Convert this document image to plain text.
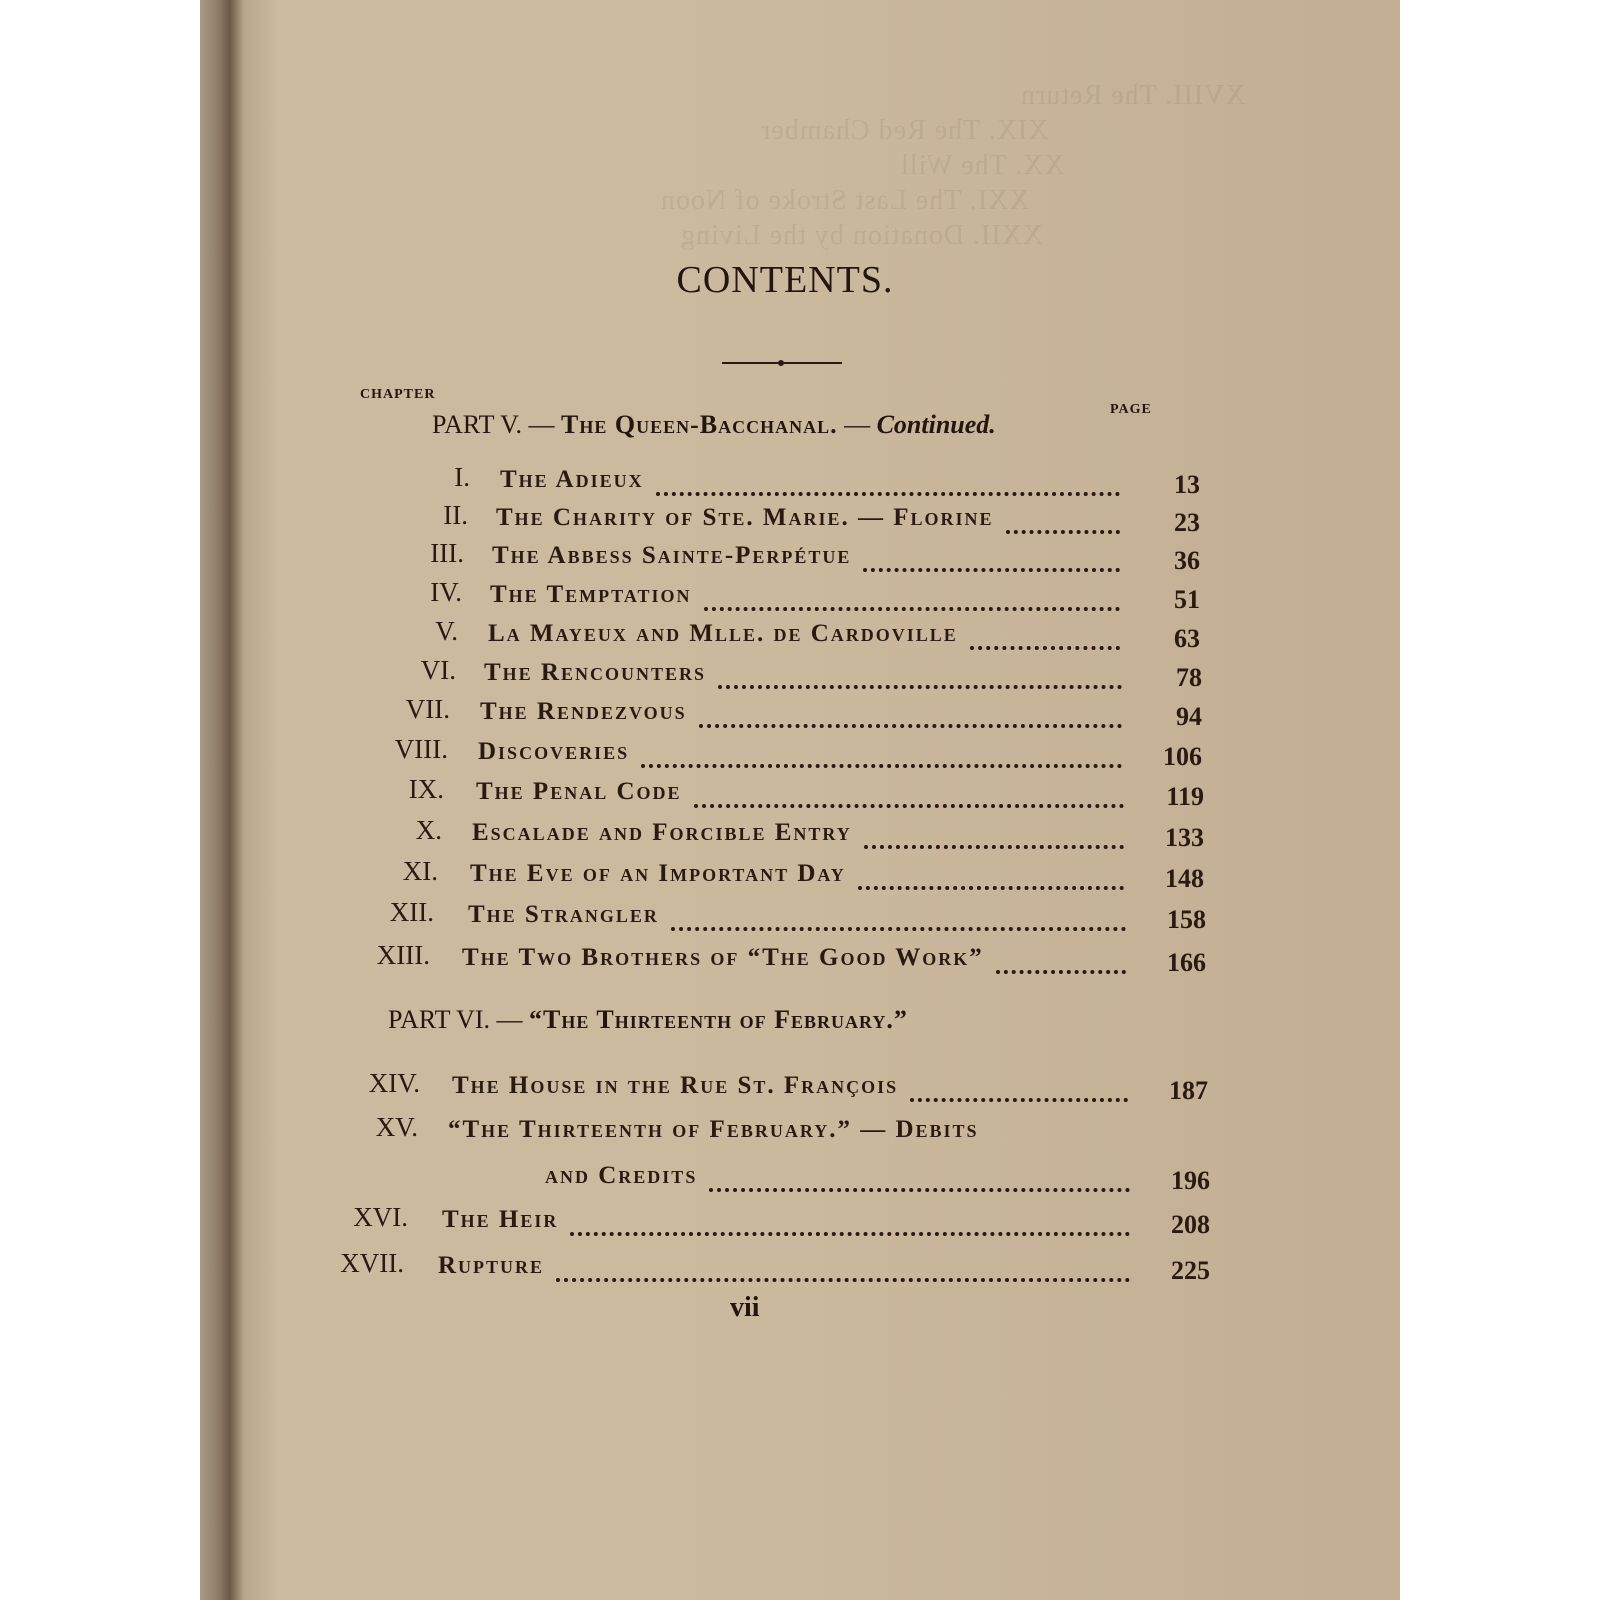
XVIII. The Return
XIX. The Red Chamber
XX. The Will
XXI. The Last Stroke of Noon
XXII. Donation by the Living
CONTENTS.
CHAPTER
PAGE
PART V. — The Queen-Bacchanal. — Continued.
I. The Adieux	13
II. The Charity of Ste. Marie. — Florine	23
III. The Abbess Sainte-Perpétue	36
IV. The Temptation	51
V. La Mayeux and Mlle. de Cardoville	63
VI. The Rencounters	78
VII. The Rendezvous	94
VIII. Discoveries	106
IX. The Penal Code	119
X. Escalade and Forcible Entry	133
XI. The Eve of an Important Day	148
XII. The Strangler	158
XIII. The Two Brothers of “The Good Work”	166
PART VI. — “The Thirteenth of February.”
XIV. The House in the Rue St. François	187
XV. “The Thirteenth of February.” — Debits
and Credits	196
XVI. The Heir	208
XVII. Rupture	225
vii
